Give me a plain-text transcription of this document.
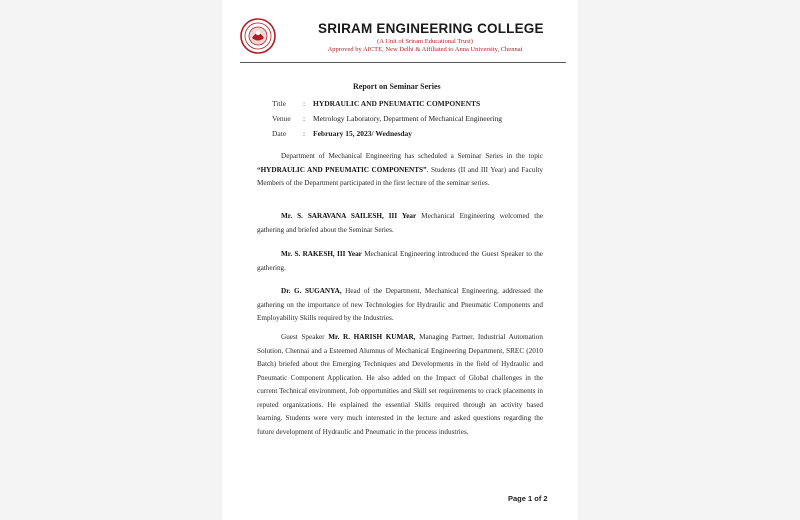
SRIRAM ENGINEERING COLLEGE
(A Unit of Sriram Educational Trust)
Approved by AICTE, New Delhi & Affiliated to Anna University, Chennai
Report on Seminar Series
Title : HYDRAULIC AND PNEUMATIC COMPONENTS
Venue : Metrology Laboratory, Department of Mechanical Engineering
Date : February 15, 2023/ Wednesday
Department of Mechanical Engineering has scheduled a Seminar Series in the topic “HYDRAULIC AND PNEUMATIC COMPONENTS”. Students (II and III Year) and Faculty Members of the Department participated in the first lecture of the seminar series.
Mr. S. SARAVANA SAILESH, III Year Mechanical Engineering welcomed the gathering and briefed about the Seminar Series.
Mr. S. RAKESH, III Year Mechanical Engineering introduced the Guest Speaker to the gathering.
Dr. G. SUGANYA, Head of the Department, Mechanical Engineering, addressed the gathering on the importance of new Technologies for Hydraulic and Pneumatic Components and Employability Skills required by the Industries.
Guest Speaker Mr. R. HARISH KUMAR, Managing Partner, Industrial Automation Solution, Chennai and a Esteemed Alumnus of Mechanical Engineering Department, SREC (2010 Batch) briefed about the Emerging Techniques and Developments in the field of Hydraulic and Pneumatic Component Application. He also added on the Impact of Global challenges in the current Technical environment, Job opportunities and Skill set requirements to crack placements in reputed organizations. He explained the essential Skills required through an activity based learning. Students were very much interested in the lecture and asked questions regarding the future development of Hydraulic and Pneumatic in the process industries.
Page 1 of 2
